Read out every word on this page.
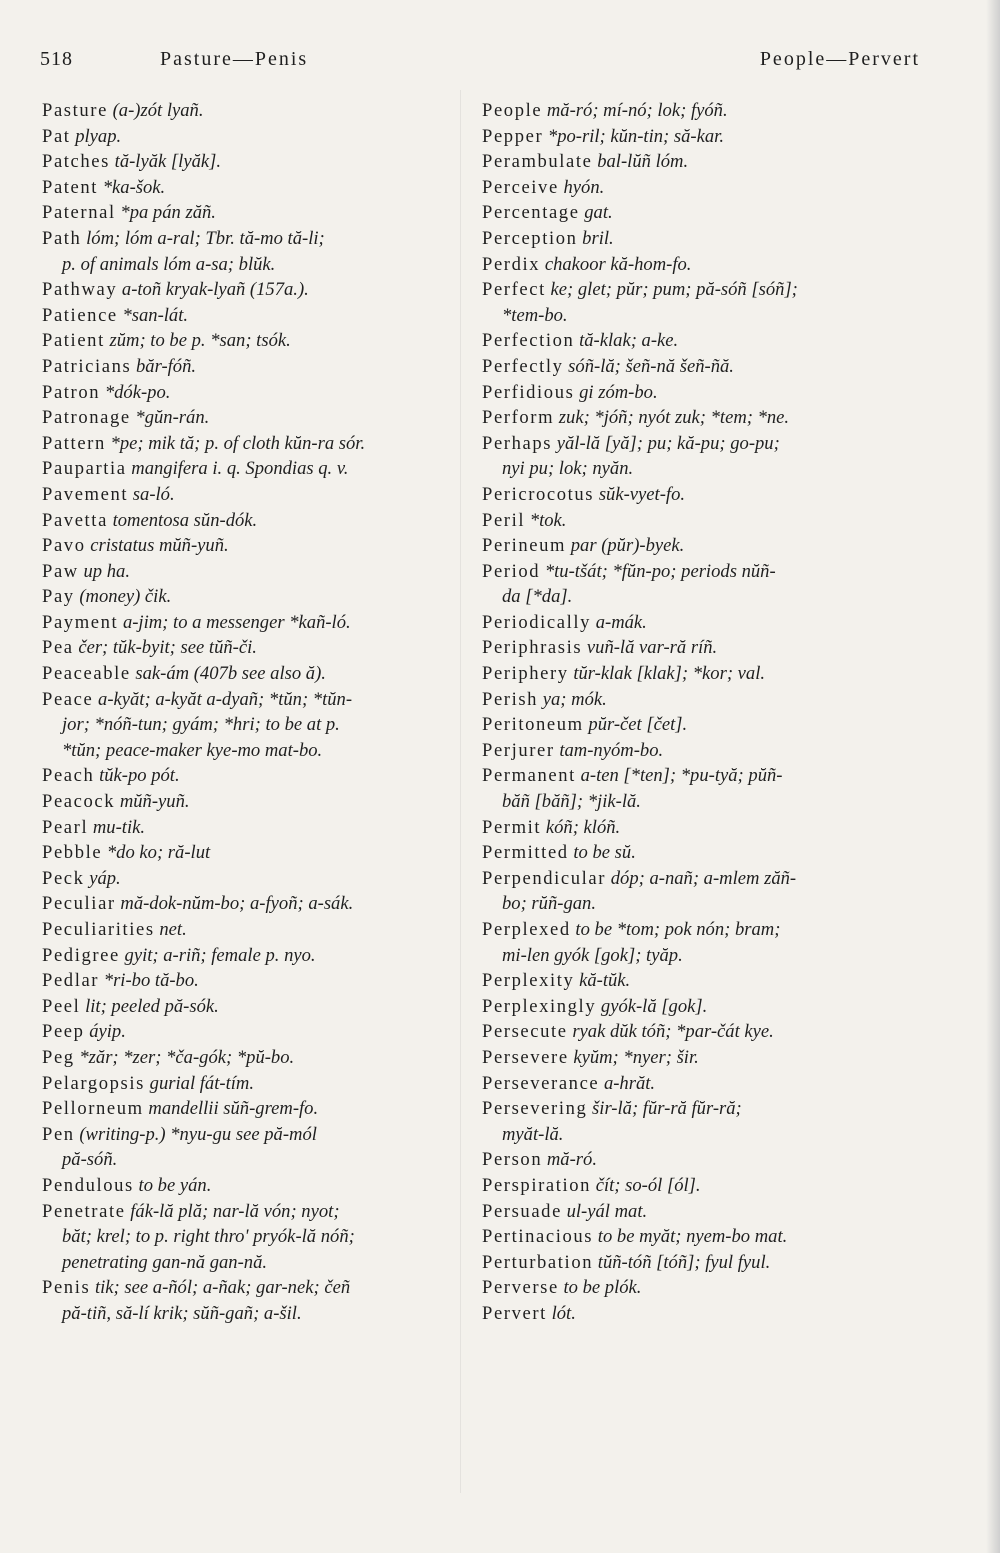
518	Pasture—Penis	People—Pervert
Pasture (a-)zót lyañ.
Pat plyap.
Patches tă-lyăk [lyăk].
Patent *ka-šok.
Paternal *pa pán zăñ.
Path lóm; lóm a-ral; Tbr. tă-mo tă-li;
p. of animals lóm a-sa; blŭk.
Pathway a-toñ kryak-lyañ (157a.).
Patience *san-lát.
Patient zŭm; to be p. *san; tsók.
Patricians băr-fóñ.
Patron *dók-po.
Patronage *gŭn-rán.
Pattern *pe; mik tă; p. of cloth kŭn-ra sór.
Paupartia mangifera i. q. Spondias q. v.
Pavement sa-ló.
Pavetta tomentosa sŭn-dók.
Pavo cristatus mŭñ-yuñ.
Paw up ha.
Pay (money) čik.
Payment a-jim; to a messenger *kañ-ló.
Pea čer; tŭk-byit; see tŭñ-či.
Peaceable sak-ám (407b see also ă).
Peace a-kyăt; a-kyăt a-dyañ; *tŭn; *tŭn-
jor; *nóñ-tun; gyám; *hri; to be at p.
*tŭn; peace-maker kye-mo mat-bo.
Peach tŭk-po pót.
Peacock mŭñ-yuñ.
Pearl mu-tik.
Pebble *do ko; ră-lut
Peck yáp.
Peculiar mă-dok-nŭm-bo; a-fyoñ; a-sák.
Peculiarities net.
Pedigree gyit; a-riñ; female p. nyo.
Pedlar *ri-bo tă-bo.
Peel lit; peeled pă-sók.
Peep áyip.
Peg *zăr; *zer; *ča-gók; *pŭ-bo.
Pelargopsis gurial fát-tím.
Pellorneum mandellii sŭñ-grem-fo.
Pen (writing-p.) *nyu-gu see pă-mól
pă-sóñ.
Pendulous to be yán.
Penetrate fák-lă plă; nar-lă vón; nyot;
băt; krel; to p. right thro' pryók-lă nóñ;
penetrating gan-nă gan-nă.
Penis tik; see a-ñól; a-ñak; gar-nek; čeñ
pă-tiñ, să-lí krik; sŭñ-gañ; a-šil.
People mă-ró; mí-nó; lok; fyóñ.
Pepper *po-ril; kŭn-tin; să-kar.
Perambulate bal-lŭñ lóm.
Perceive hyón.
Percentage gat.
Perception bril.
Perdix chakoor kă-hom-fo.
Perfect ke; glet; pŭr; pum; pă-sóñ [sóñ];
*tem-bo.
Perfection tă-klak; a-ke.
Perfectly sóñ-lă; šeñ-nă šeñ-ñă.
Perfidious gi zóm-bo.
Perform zuk; *jóñ; nyót zuk; *tem; *ne.
Perhaps yăl-lă [yă]; pu; kă-pu; go-pu;
nyi pu; lok; nyăn.
Pericrocotus sŭk-vyet-fo.
Peril *tok.
Perineum par (pŭr)-byek.
Period *tu-tšát; *fŭn-po; periods nŭñ-
da [*da].
Periodically a-mák.
Periphrasis vuñ-lă var-ră ríñ.
Periphery tŭr-klak [klak]; *kor; val.
Perish ya; mók.
Peritoneum pŭr-čet [čet].
Perjurer tam-nyóm-bo.
Permanent a-ten [*ten]; *pu-tyă; pŭñ-
băñ [băñ]; *jik-lă.
Permit kóñ; klóñ.
Permitted to be sŭ.
Perpendicular dóp; a-nañ; a-mlem zăñ-
bo; rŭñ-gan.
Perplexed to be *tom; pok nón; bram;
mi-len gyók [gok]; tyăp.
Perplexity kă-tŭk.
Perplexingly gyók-lă [gok].
Persecute ryak dŭk tóñ; *par-čát kye.
Persevere kyŭm; *nyer; šir.
Perseverance a-hrăt.
Persevering šir-lă; fŭr-ră fŭr-ră;
myăt-lă.
Person mă-ró.
Perspiration čít; so-ól [ól].
Persuade ul-yál mat.
Pertinacious to be myăt; nyem-bo mat.
Perturbation tŭñ-tóñ [tóñ]; fyul fyul.
Perverse to be plók.
Pervert lót.
